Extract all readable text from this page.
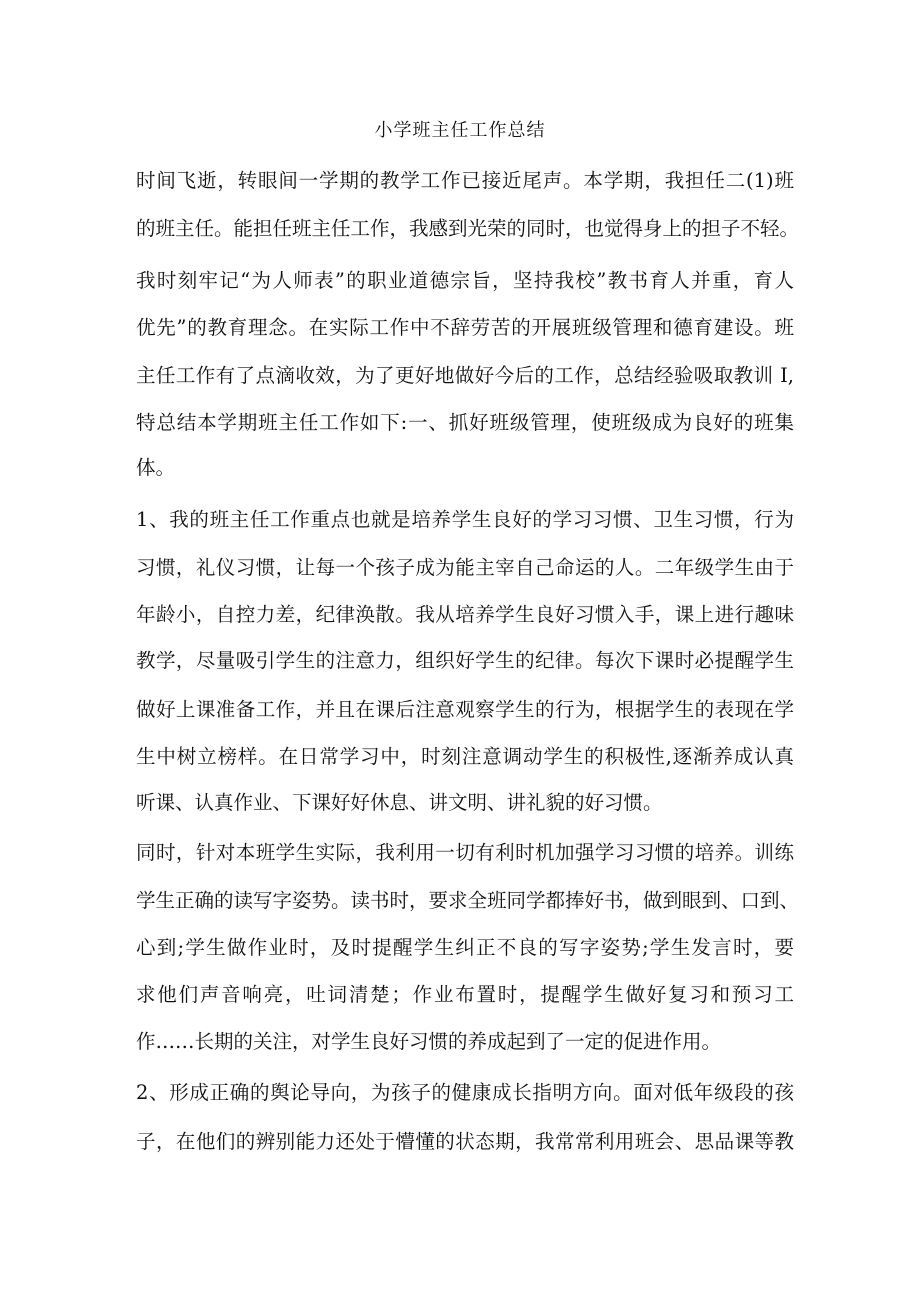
小学班主任工作总结
时间飞逝，转眼间一学期的教学工作已接近尾声。本学期，我担任二(1)班
的班主任。能担任班主任工作，我感到光荣的同时，也觉得身上的担子不轻。
我时刻牢记“为人师表”的职业道德宗旨，坚持我校”教书育人并重，育人
优先”的教育理念。在实际工作中不辞劳苦的开展班级管理和德育建设。班
主任工作有了点滴收效，为了更好地做好今后的工作，总结经验吸取教训 I,
特总结本学期班主任工作如下:一、抓好班级管理，使班级成为良好的班集
体。
1、我的班主任工作重点也就是培养学生良好的学习习惯、卫生习惯，行为
习惯，礼仪习惯，让每一个孩子成为能主宰自己命运的人。二年级学生由于
年龄小，自控力差，纪律涣散。我从培养学生良好习惯入手，课上进行趣味
教学，尽量吸引学生的注意力，组织好学生的纪律。每次下课时必提醒学生
做好上课准备工作，并且在课后注意观察学生的行为，根据学生的表现在学
生中树立榜样。在日常学习中，时刻注意调动学生的积极性,逐渐养成认真
听课、认真作业、下课好好休息、讲文明、讲礼貌的好习惯。
同时，针对本班学生实际，我利用一切有利时机加强学习习惯的培养。训练
学生正确的读写字姿势。读书时，要求全班同学都捧好书，做到眼到、口到、
心到;学生做作业时，及时提醒学生纠正不良的写字姿势;学生发言时，要
求他们声音响亮，吐词清楚；作业布置时，提醒学生做好复习和预习工
作……长期的关注，对学生良好习惯的养成起到了一定的促进作用。
2、形成正确的舆论导向，为孩子的健康成长指明方向。面对低年级段的孩
子，在他们的辨别能力还处于懵懂的状态期，我常常利用班会、思品课等教
